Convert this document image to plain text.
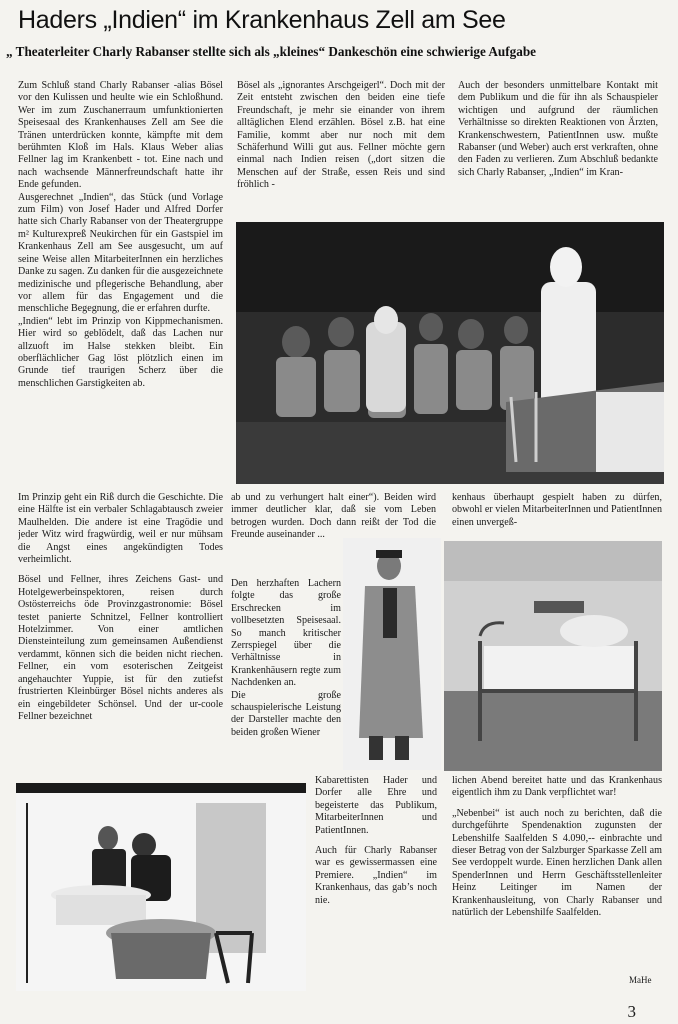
Haders „Indien“ im Krankenhaus Zell am See
„ Theaterleiter Charly Rabanser stellte sich als „kleines“ Dankeschön eine schwierige Aufgabe

Zum Schluß stand Charly Rabanser -alias Bösel vor den Kulissen und heulte wie ein Schloßhund. Wer im zum Zuschanerraum umfunktionierten Speisesaal des Krankenhauses Zell am See die Tränen unterdrücken konnte, kämpfte mit dem berühmten Kloß im Hals. Klaus Weber alias Fellner lag im Krankenbett - tot. Eine nach und nach wachsende Männerfreundschaft hatte ihr Ende gefunden.

Ausgerechnet „Indien“, das Stück (und Vorlage zum Film) von Josef Hader und Alfred Dorfer hatte sich Charly Rabanser von der Theatergruppe m² Kulturexpreß Neukirchen für ein Gastspiel im Krankenhaus Zell am See ausgesucht, um auf seine Weise allen MitarbeiterInnen ein herzliches Danke zu sagen. Zu danken für die ausgezeichnete medizinische und pflegerische Behandlung, aber vor allem für das Engagement und die menschliche Begegnung, die er erfahren durfte.

„Indien“ lebt im Prinzip von Kippmechanismen. Hier wird so geblödelt, daß das Lachen nur allzuoft im Halse stekken bleibt. Ein oberflächlicher Gag löst plötzlich einen im Grunde tief traurigen Scherz über die menschlichen Garstigkeiten ab.

Bösel als „ignorantes Arschgeigerl“. Doch mit der Zeit entsteht zwischen den beiden eine tiefe Freundschaft, je mehr sie einander von ihrem alltäglichen Elend erzählen. Bösel z.B. hat eine Familie, kommt aber nur noch mit dem Schäferhund Willi gut aus. Fellner möchte gern einmal nach Indien reisen („dort sitzen die Menschen auf der Straße, essen Reis und sind fröhlich -

Auch der besonders unmittelbare Kontakt mit dem Publikum und die für ihn als Schauspieler wichtigen und aufgrund der räumlichen Verhältnisse so direkten Reaktionen von Ärzten, Krankenschwestern, PatientInnen usw. mußte Rabanser (und Weber) auch erst verkraften, ohne den Faden zu verlieren. Zum Abschluß bedankte sich Charly Rabanser, „Indien“ im Kran-

Im Prinzip geht ein Riß durch die Geschichte. Die eine Hälfte ist ein verbaler Schlagabtausch zweier Maulhelden. Die andere ist eine Tragödie und jeder Witz wird fragwürdig, weil er nur mühsam die Angst eines angekündigten Todes verheimlicht.

Bösel und Fellner, ihres Zeichens Gast- und Hotelgewerbeinspektoren, reisen durch Ostösterreichs öde Provinzgastronomie: Bösel testet panierte Schnitzel, Fellner kontrolliert Hotelzimmer. Von einer amtlichen Diensteinteilung zum gemeinsamen Außendienst verdammt, können sich die beiden nicht riechen. Fellner, ein vom esoterischen Zeitgeist angehauchter Yuppie, ist für den zutiefst frustrierten Kleinbürger Bösel nichts anderes als ein eingebildeter Schönsel. Und der ur-coole Fellner bezeichnet

ab und zu verhungert halt einer“). Beiden wird immer deutlicher klar, daß sie vom Leben betrogen wurden. Doch dann reißt der Tod die Freunde auseinander ...

Den herzhaften Lachern folgte das große Erschrecken im vollbesetzten Speisesaal. So manch kritischer Zerrspiegel über die Verhältnisse in Krankenhäusern regte zum Nachdenken an.

Die große schauspielerische Leistung der Darsteller machte den beiden großen Wiener

kenhaus überhaupt gespielt haben zu dürfen, obwohl er vielen MitarbeiterInnen und PatientInnen einen unvergeß-

Kabarettisten Hader und Dorfer alle Ehre und begeisterte das Publikum, MitarbeiterInnen und PatientInnen.

Auch für Charly Rabanser war es gewissermassen eine Premiere. „Indien“ im Krankenhaus, das gab’s noch nie.

lichen Abend bereitet hatte und das Krankenhaus eigentlich ihm zu Dank verpflichtet war!

„Nebenbei“ ist auch noch zu berichten, daß die durchgeführte Spendenaktion zugunsten der Lebenshilfe Saalfelden S 4.090,-- einbrachte und dieser Betrag von der Salzburger Sparkasse Zell am See verdoppelt wurde. Einen herzlichen Dank allen SpenderInnen und Herrn Geschäftsstellenleiter Heinz Leitinger im Namen der Krankenhausleitung, von Charly Rabanser und natürlich der Lebenshilfe Saalfelden.

MaHe
3
